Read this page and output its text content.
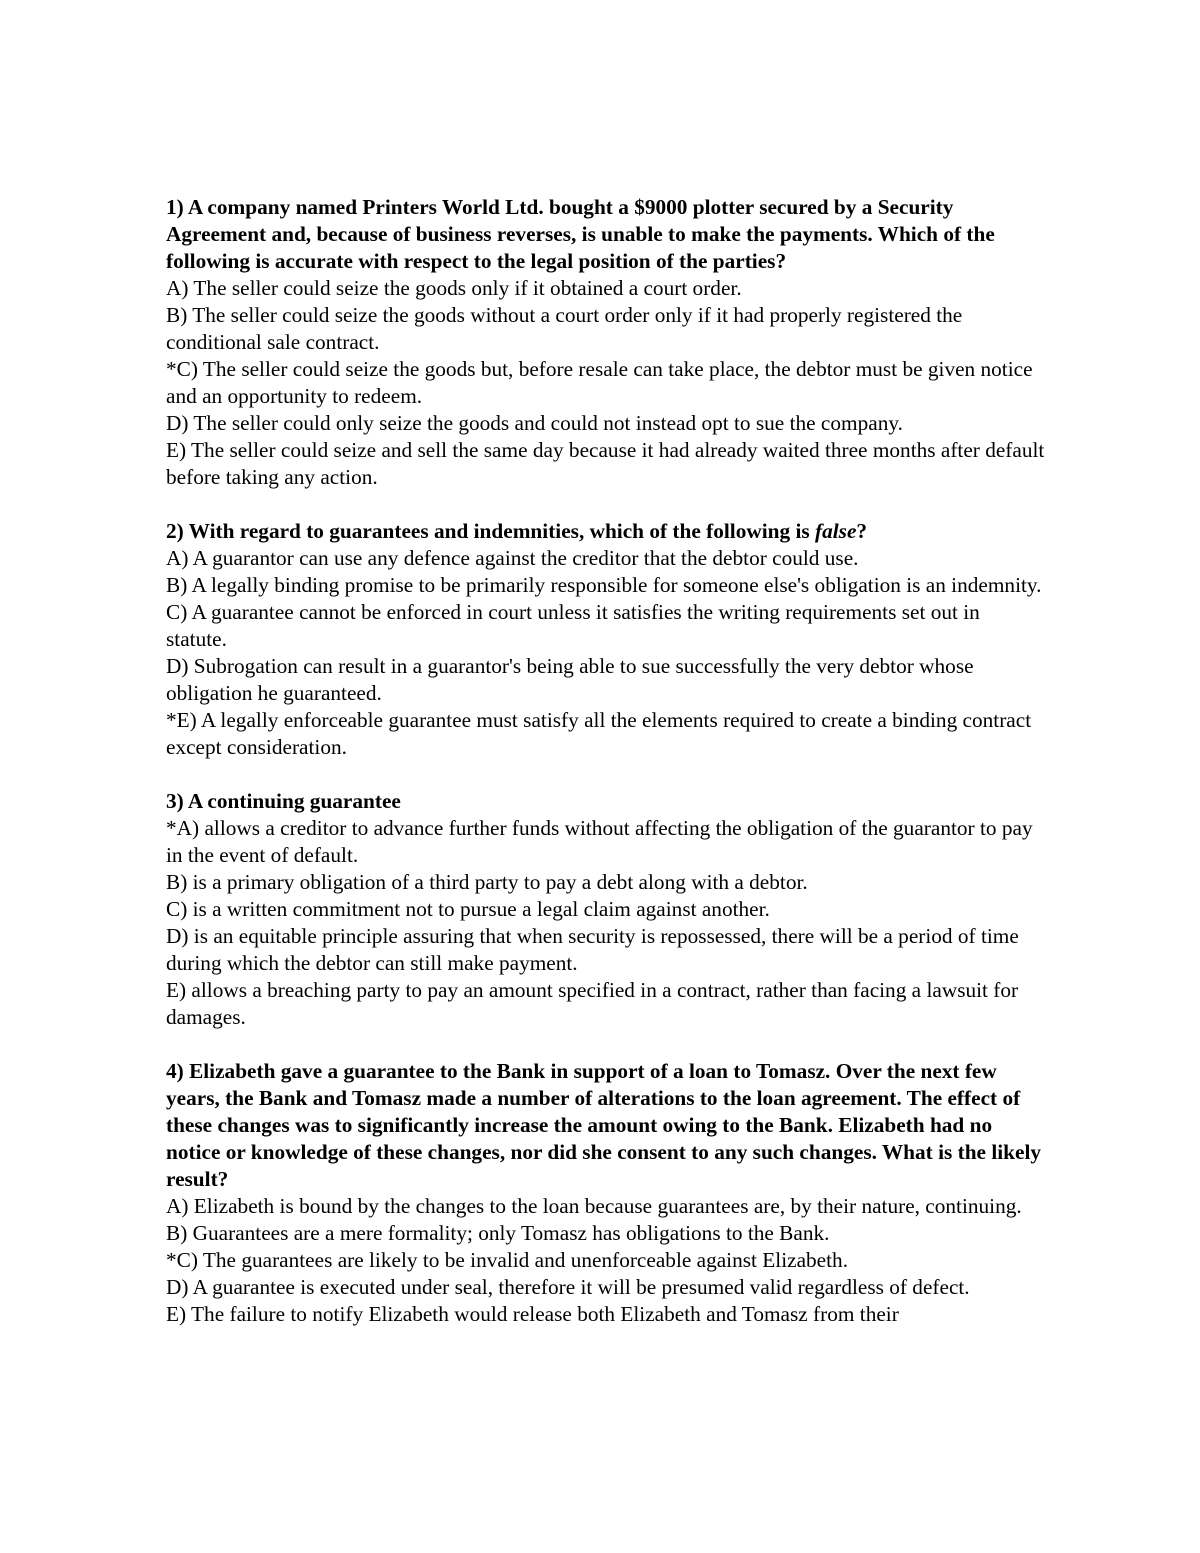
1) A company named Printers World Ltd. bought a $9000 plotter secured by a Security Agreement and, because of business reverses, is unable to make the payments. Which of the following is accurate with respect to the legal position of the parties?
A) The seller could seize the goods only if it obtained a court order.
B) The seller could seize the goods without a court order only if it had properly registered the conditional sale contract.
*C) The seller could seize the goods but, before resale can take place, the debtor must be given notice and an opportunity to redeem.
D) The seller could only seize the goods and could not instead opt to sue the company.
E) The seller could seize and sell the same day because it had already waited three months after default before taking any action.
2) With regard to guarantees and indemnities, which of the following is false?
A) A guarantor can use any defence against the creditor that the debtor could use.
B) A legally binding promise to be primarily responsible for someone else's obligation is an indemnity.
C) A guarantee cannot be enforced in court unless it satisfies the writing requirements set out in statute.
D) Subrogation can result in a guarantor's being able to sue successfully the very debtor whose obligation he guaranteed.
*E) A legally enforceable guarantee must satisfy all the elements required to create a binding contract except consideration.
3) A continuing guarantee
*A) allows a creditor to advance further funds without affecting the obligation of the guarantor to pay in the event of default.
B) is a primary obligation of a third party to pay a debt along with a debtor.
C) is a written commitment not to pursue a legal claim against another.
D) is an equitable principle assuring that when security is repossessed, there will be a period of time during which the debtor can still make payment.
E) allows a breaching party to pay an amount specified in a contract, rather than facing a lawsuit for damages.
4) Elizabeth gave a guarantee to the Bank in support of a loan to Tomasz. Over the next few years, the Bank and Tomasz made a number of alterations to the loan agreement. The effect of these changes was to significantly increase the amount owing to the Bank. Elizabeth had no notice or knowledge of these changes, nor did she consent to any such changes. What is the likely result?
A) Elizabeth is bound by the changes to the loan because guarantees are, by their nature, continuing.
B) Guarantees are a mere formality; only Tomasz has obligations to the Bank.
*C) The guarantees are likely to be invalid and unenforceable against Elizabeth.
D) A guarantee is executed under seal, therefore it will be presumed valid regardless of defect.
E) The failure to notify Elizabeth would release both Elizabeth and Tomasz from their
